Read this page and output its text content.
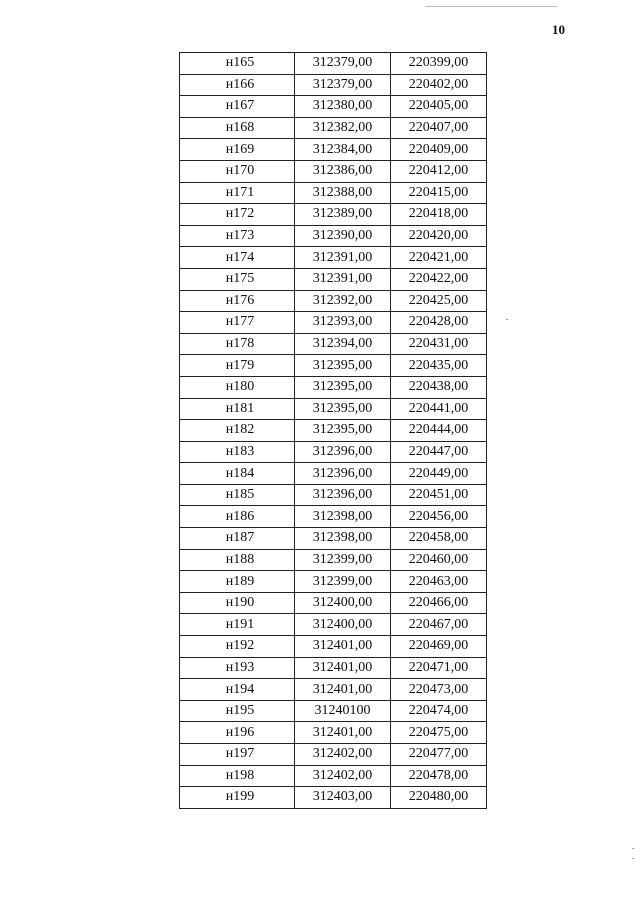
10
н165	312379,00	220399,00
н166	312379,00	220402,00
н167	312380,00	220405,00
н168	312382,00	220407,00
н169	312384,00	220409,00
н170	312386,00	220412,00
н171	312388,00	220415,00
н172	312389,00	220418,00
н173	312390,00	220420,00
н174	312391,00	220421,00
н175	312391,00	220422,00
н176	312392,00	220425,00
н177	312393,00	220428,00
н178	312394,00	220431,00
н179	312395,00	220435,00
н180	312395,00	220438,00
н181	312395,00	220441,00
н182	312395,00	220444,00
н183	312396,00	220447,00
н184	312396,00	220449,00
н185	312396,00	220451,00
н186	312398,00	220456,00
н187	312398,00	220458,00
н188	312399,00	220460,00
н189	312399,00	220463,00
н190	312400,00	220466,00
н191	312400,00	220467,00
н192	312401,00	220469,00
н193	312401,00	220471,00
н194	312401,00	220473,00
н195	31240100	220474,00
н196	312401,00	220475,00
н197	312402,00	220477,00
н198	312402,00	220478,00
н199	312403,00	220480,00
